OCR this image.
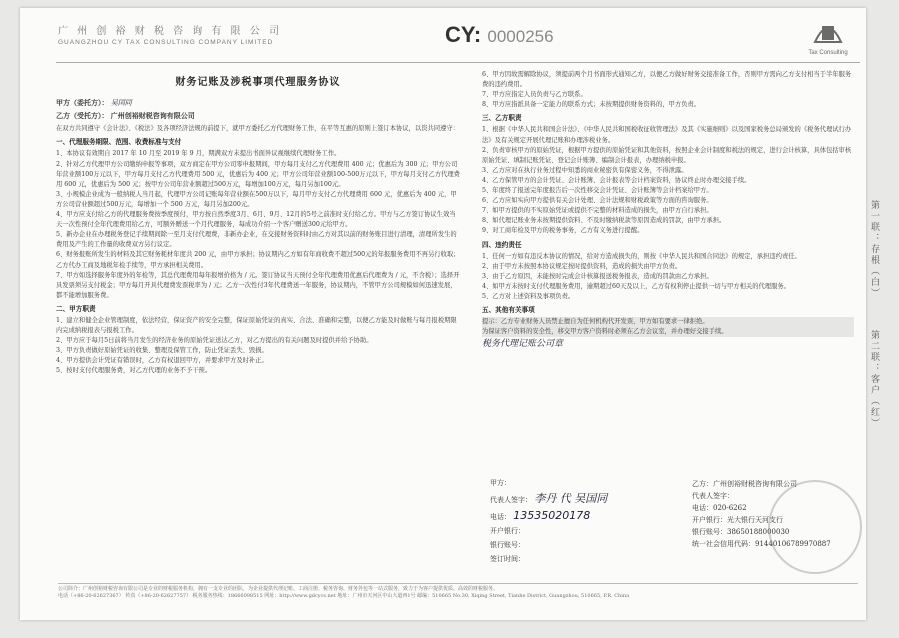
广 州 创 裕 财 税 咨 询 有 限 公 司
GUANGZHOU CY TAX CONSULTING COMPANY LIMITED	CY: 0000256
Tax Consulting
财务记账及涉税事项代理服务协议
甲方（委托方）： 吴国同
乙方（受托方）： 广州创裕财税咨询有限公司
在双方共同遵守《会计法》、《税法》及各项经济法规的前提下，就甲方委托乙方代理财务工作，在平等互惠的原则上签订本协议，以资共同遵守：
一、代理服务期限、范围、收费标准与支付
1、本协议有效期自 2017 年 10 月至 2019 年 9 月，期满双方未提出书面异议视继续代理财务工作。
2、针对乙方代理甲方公司缴纳申报等事项，双方商定在甲方公司零申报期间，甲方每月支付乙方代理费用 400 元；优惠后为 300 元；甲方公司年营业额100万元以下，甲方每月支付乙方代理费用 500 元，优惠后为 400 元；甲方公司年营业额100-500万元以下，甲方每月支付乙方代理费用 600 元，优惠后为 500 元；按甲方公司年营业额超过500万元，每增加100万元，每月另加100元。
3、小规模企业成为一般纳税人当月起，代理甲方公司记账每年营业额在500万以下，每月甲方支付乙方代理费用 600 元，优惠后为 400 元，甲方公司营业额超过500万元，每增加一个 500 万元，每月另加200元。
4、甲方应支付给乙方的代理服务费按季度预付，甲方按自然季度3月、6月、9月、12月的5号之前准时支付给乙方。甲方与乙方签订协议生效当天一次性预付全年代理费用给乙方，可额外赠送一个月代理服务，每成功介绍一个客户赠送300元给甲方。
5、新办企业在办理税务登记手续期间除一至月支付代理费，非新办企业，在交接财务资料时由乙方对其以前的财务账目进行清理，清理所发生的费用及产生的工作量的收费双方另行议定。
6、财务报账所发生的材料及其它财务耗材年度共 200 元，由甲方承担；协议期内乙方如有年商收费不超过500元的年报服务费用不再另行收取；乙方代办工商及地税年检手续等，甲方承担相关费用。
7、甲方如选择服务年度外的年检等，其总代理费用每年报增价格为 / 元。签订协议当天预付全年代理费用优惠后代理费为 / 元，不含税）；选择开具发票须另支付税金；甲方每月开具代理费发票税率为 / 元；乙方一次性付3年代理费送一年服务，协议期内，不管甲方公司规模如何迅速发展，都不能增加服务费。
二、甲方职责
1、建立和健全企业管理制度，依法经营，保证资产的安全完整，保证原始凭证的真实、合法、准确和完整，以便乙方能及时做账与每月报税期限内完成纳税报表与报税工作。
2、甲方应于每月5日前将当月发生的经济业务的原始凭证送达乙方，对乙方提出的有关问题及时提供并给予协助。
3、甲方负责做好原始凭证的收集、整理及保管工作，防止凭证丢失、毁损。
4、甲方提供会计凭证有错误时，乙方有权退回甲方，并要求甲方及时补正。
5、按时支付代理服务费，对乙方代理的业务不予干预。
6、甲方因故需解除协议，须提前两个月书面形式通知乙方，以便乙方做好财务交接准备工作，否则甲方需向乙方支付相当于半年服务费的违约费用。
7、甲方应指定人员负责与乙方联系。
8、甲方应指派具备一定能力的联系方式；未按期提供财务资料的，甲方负责。
三、乙方职责
1、根据《中华人民共和国会计法》、《中华人民共和国税收征收管理法》及其《实施细则》以及国家税务总局颁发的《税务代理试行办法》及有关规定开展代理记账和办理涉税业务。
2、负责审核甲方的原始凭证，根据甲方提供的原始凭证和其他资料，按照企业会计制度和税法的规定，进行会计核算，具体包括审核原始凭证、填制记账凭证、登记会计账簿、编制会计报表，办理纳税申报。
3、乙方应对在执行业务过程中知悉的商业秘密负有保密义务，不得泄露。
4、乙方保管甲方的会计凭证、会计账簿、会计报表等会计档案资料，协议终止时办理交接手续。
5、年度终了报送完年度报告后一次性移交会计凭证、会计账簿等会计档案给甲方。
6、乙方应如实向甲方提供有关会计处理、会计法规和财税政策等方面的咨询服务。
7、如甲方提供的不实原始凭证或提供不完整的材料造成的损失，由甲方自行承担。
8、如代理记账业务未按期提供资料、不及时缴纳税款等原因造成的罚款，由甲方承担。
9、对工商年检及甲方的税务事务，乙方有义务进行提醒。
四、违约责任
1、任何一方如有违反本协议的情况，给对方造成损失的，则按《中华人民共和国合同法》的规定，承担违约责任。
2、由于甲方未按照本协议规定按时提供资料，造成的损失由甲方负责。
3、由于乙方原因，未能按时完成会计核算报送税务报表，造成的罚款由乙方承担。
4、如甲方未按时支付代理服务费用，逾期超过60天及以上，乙方有权利停止提供一切与甲方相关的代理服务。
5、乙方对上述资料及事项负责。
五、其他有关事项
提示：乙方专业财务人员禁止擅自为任何机构代开发票，甲方如有要求一律拒绝。
为保证客户资料的安全性，移交甲方客户资料时必须在乙方会议室，并办理好交接手续。
税务代理记账公司章
甲方：
代表人签字： 李丹 代 吴国同
电话： 13535020178
开户银行：
银行账号：
签订时间：
乙方：广州创裕财税咨询有限公司
代表人签字：
电话：020-6262
开户银行：光大银行天河支行
银行账号：38650188000030
统一社会信用代码：91440106789970887
公司简介：广州创裕财税咨询有限公司是专业的财税服务机构，拥有一支专业的团队，为企业提供代理记账、工商注册、税务咨询、财务外包等一站式服务，致力于为客户提供优质、高效的财税服务。
电话（+86-20-62627367） 传真（+86-20-62627757） 税务服务热线：18666098515 网址：http://www.gdcycs.net 地址：广州市天河区中山大道西1号 邮编：510665 No.30, Xiqing Street, Tianhe District, Guangzhou, 510665, P.R. China
第一联：存根（白）
第二联：客户（红）
